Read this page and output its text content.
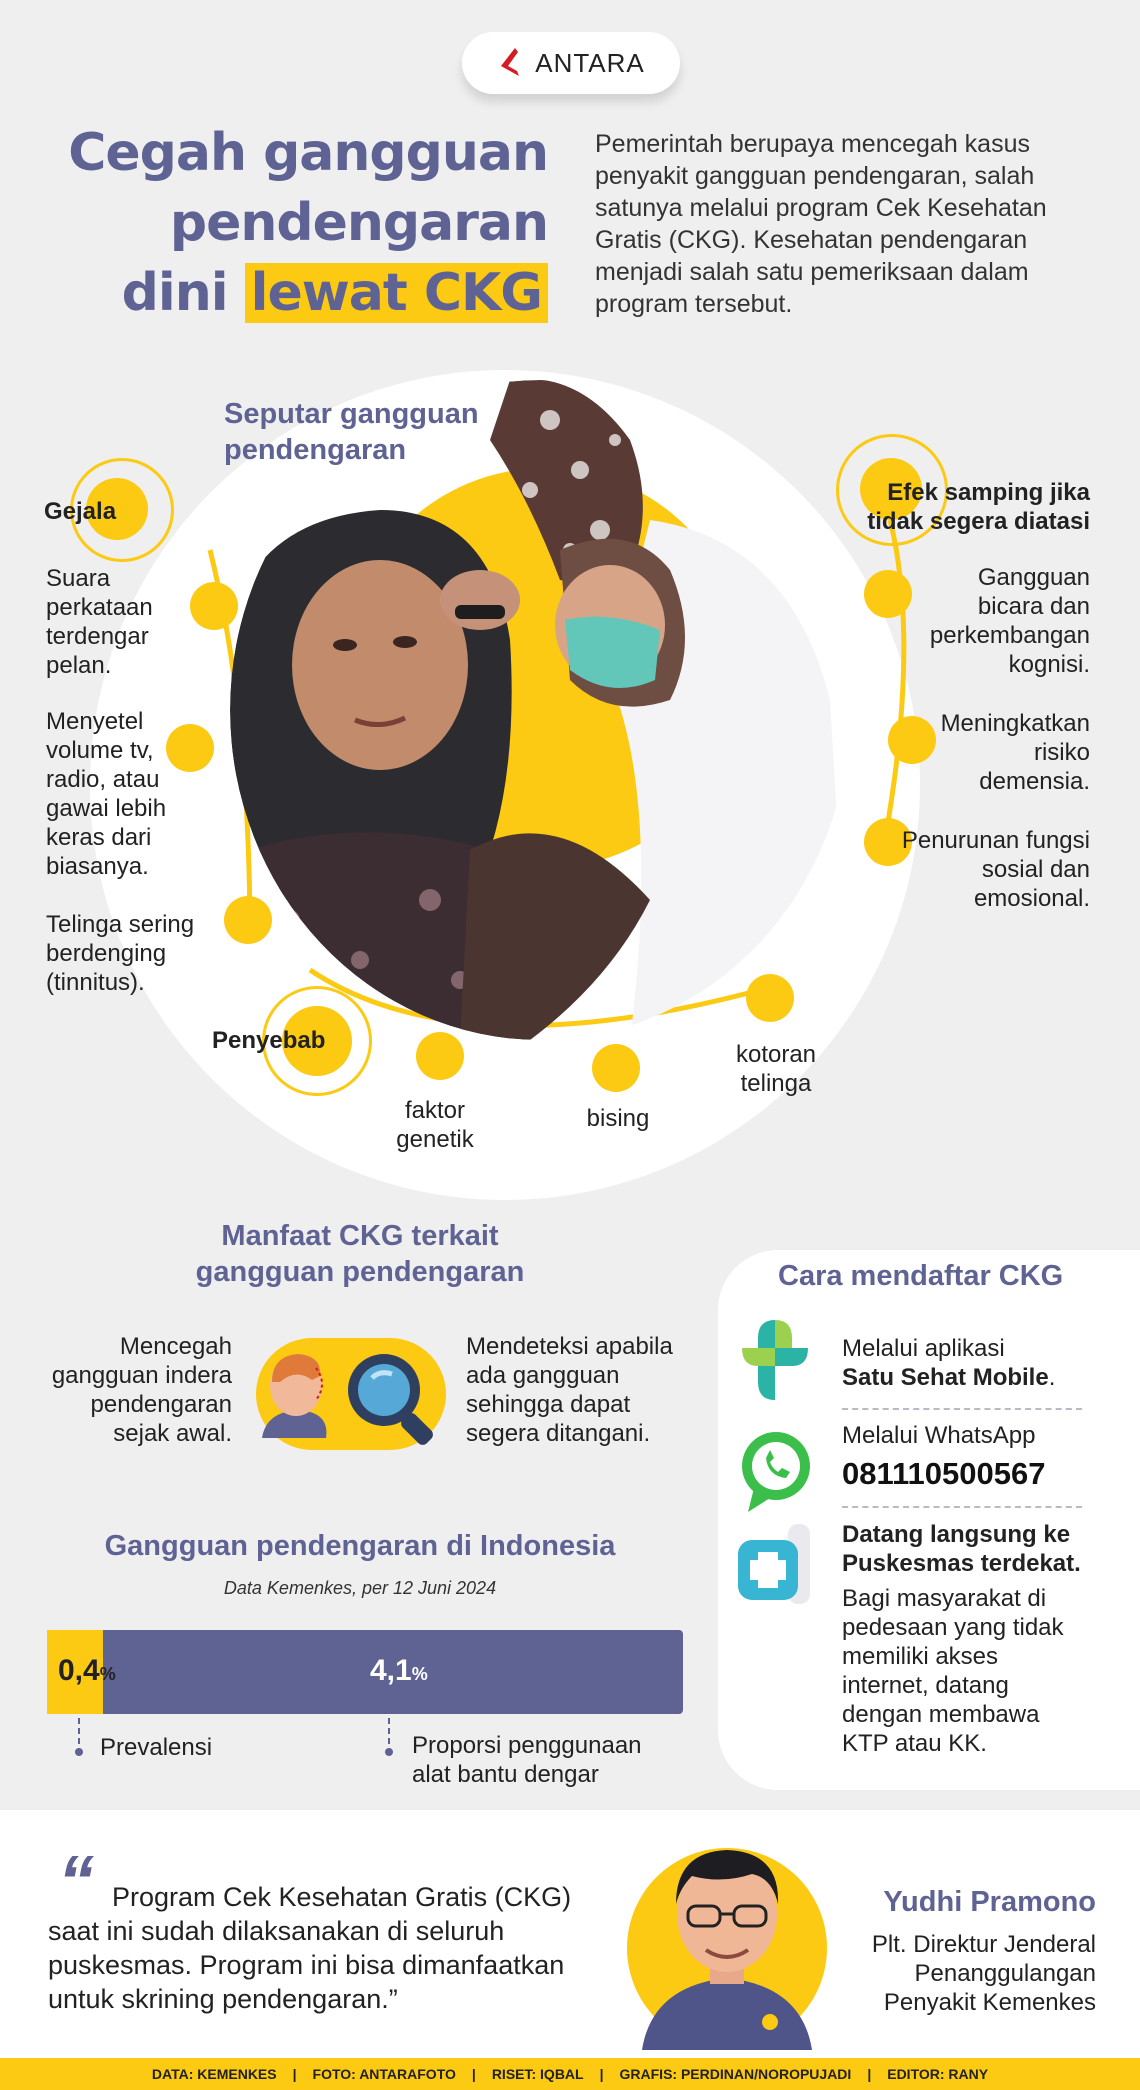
ANTARA
Cegah gangguan
pendengaran
dini lewat CKG
Pemerintah berupaya mencegah kasus penyakit gangguan pendengaran, salah satunya melalui program Cek Kesehatan Gratis (CKG). Kesehatan pendengaran menjadi salah satu pemeriksaan dalam program tersebut.
Seputar gangguan
pendengaran
Gejala
Suara perkataan terdengar pelan.
Menyetel volume tv, radio, atau gawai lebih keras dari biasanya.
Telinga sering berdenging (tinnitus).
Efek samping jika
tidak segera diatasi
Gangguan bicara dan perkembangan kognisi.
Meningkatkan risiko demensia.
Penurunan fungsi sosial dan emosional.
Penyebab
faktor genetik
bising
kotoran telinga
Manfaat CKG terkait
gangguan pendengaran
Mencegah gangguan indera pendengaran sejak awal.
Mendeteksi apabila ada gangguan sehingga dapat segera ditangani.
Gangguan pendengaran di Indonesia
Data Kemenkes, per 12 Juni 2024
0,4%	4,1%
Prevalensi	Proporsi penggunaan
alat bantu dengar
Cara mendaftar CKG
Melalui aplikasi
Satu Sehat Mobile.
Melalui WhatsApp
081110500567
Datang langsung ke
Puskesmas terdekat.
Bagi masyarakat di pedesaan yang tidak memiliki akses internet, datang dengan membawa KTP atau KK.
“ Program Cek Kesehatan Gratis (CKG) saat ini sudah dilaksanakan di seluruh puskesmas. Program ini bisa dimanfaatkan untuk skrining pendengaran.”
Yudhi Pramono
Plt. Direktur Jenderal
Penanggulangan
Penyakit Kemenkes
DATA: KEMENKES | FOTO: ANTARAFOTO | RISET: IQBAL | GRAFIS: PERDINAN/NOROPUJADI | EDITOR: RANY
